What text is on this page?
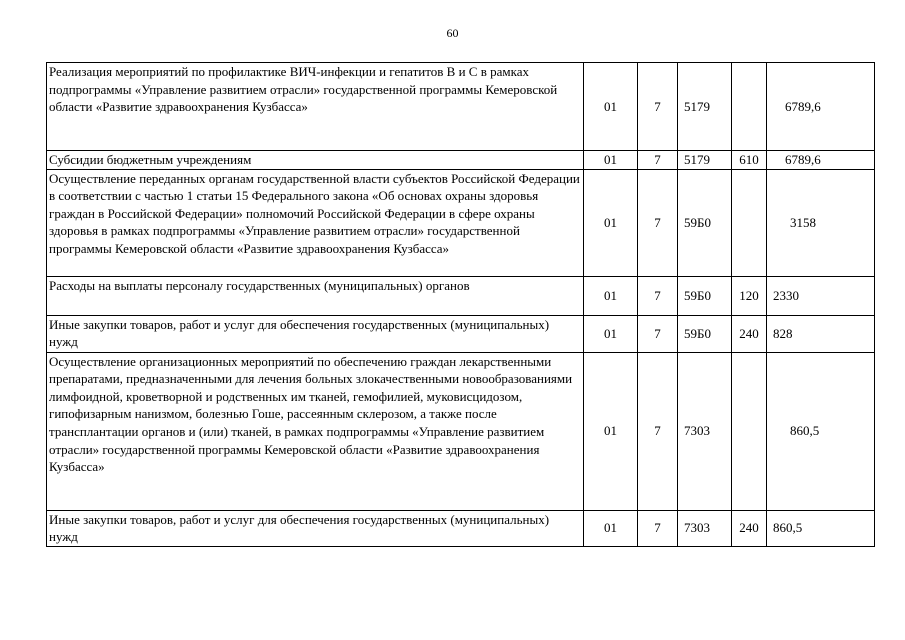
60
Реализация мероприятий по профилактике ВИЧ-инфекции и гепатитов В и С в рамках подпрограммы «Управление развитием отрасли» государственной программы Кемеровской области «Развитие здравоохранения Кузбасса»	01	7	5179		6789,6
Субсидии бюджетным учреждениям	01	7	5179	610	6789,6
Осуществление переданных органам государственной власти субъектов Российской Федерации в соответствии с частью 1 статьи 15 Федерального закона «Об основах охраны здоровья граждан в Российской Федерации» полномочий Российской Федерации в сфере охраны здоровья в рамках подпрограммы «Управление развитием отрасли» государственной программы Кемеровской области «Развитие здравоохранения Кузбасса»	01	7	59Б0		3158
Расходы на выплаты персоналу государственных (муниципальных) органов	01	7	59Б0	120	2330
Иные закупки товаров, работ и услуг для обеспечения государственных (муниципальных) нужд	01	7	59Б0	240	828
Осуществление организационных мероприятий по обеспечению граждан лекарственными препаратами, предназначенными для лечения больных злокачественными новообразованиями лимфоидной, кроветворной и родственных им тканей, гемофилией, муковисцидозом, гипофизарным нанизмом, болезнью Гоше, рассеянным склерозом, а также после трансплантации органов и (или) тканей, в рамках подпрограммы «Управление развитием отрасли» государственной программы Кемеровской области «Развитие здравоохранения Кузбасса»	01	7	7303		860,5
Иные закупки товаров, работ и услуг для обеспечения государственных (муниципальных) нужд	01	7	7303	240	860,5
